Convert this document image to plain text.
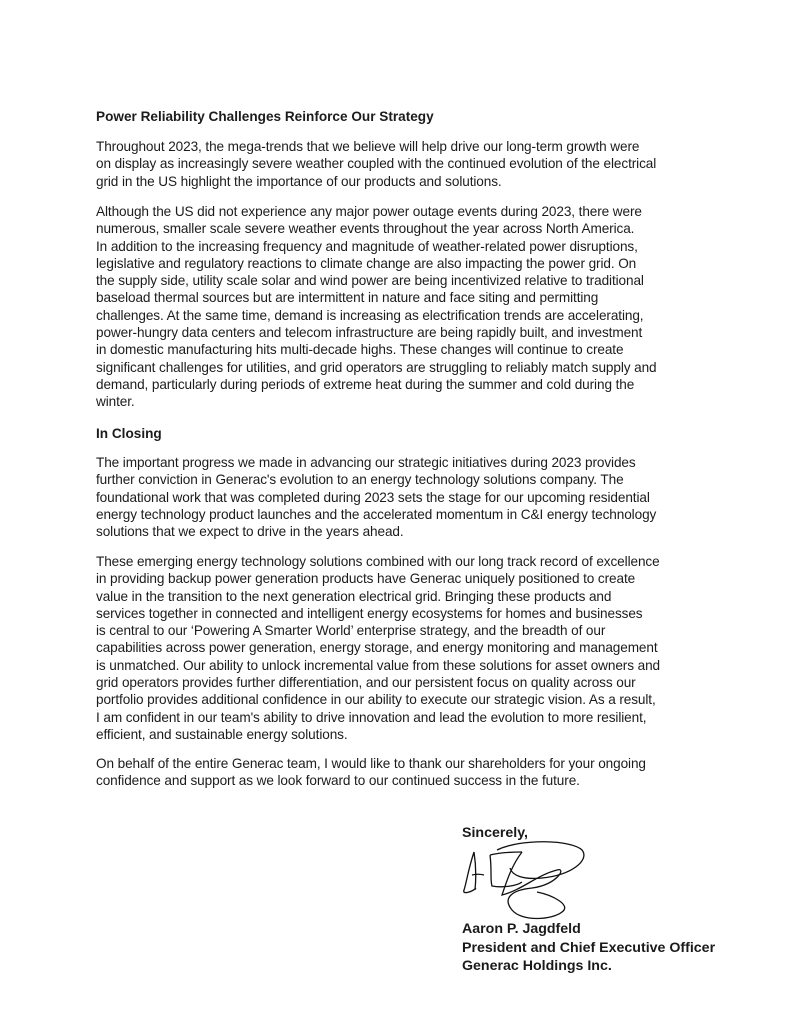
Power Reliability Challenges Reinforce Our Strategy
Throughout 2023, the mega-trends that we believe will help drive our long-term growth were
on display as increasingly severe weather coupled with the continued evolution of the electrical
grid in the US highlight the importance of our products and solutions.
Although the US did not experience any major power outage events during 2023, there were
numerous, smaller scale severe weather events throughout the year across North America.
In addition to the increasing frequency and magnitude of weather-related power disruptions,
legislative and regulatory reactions to climate change are also impacting the power grid. On
the supply side, utility scale solar and wind power are being incentivized relative to traditional
baseload thermal sources but are intermittent in nature and face siting and permitting
challenges. At the same time, demand is increasing as electrification trends are accelerating,
power-hungry data centers and telecom infrastructure are being rapidly built, and investment
in domestic manufacturing hits multi-decade highs. These changes will continue to create
significant challenges for utilities, and grid operators are struggling to reliably match supply and
demand, particularly during periods of extreme heat during the summer and cold during the
winter.
In Closing
The important progress we made in advancing our strategic initiatives during 2023 provides
further conviction in Generac's evolution to an energy technology solutions company. The
foundational work that was completed during 2023 sets the stage for our upcoming residential
energy technology product launches and the accelerated momentum in C&I energy technology
solutions that we expect to drive in the years ahead.
These emerging energy technology solutions combined with our long track record of excellence
in providing backup power generation products have Generac uniquely positioned to create
value in the transition to the next generation electrical grid. Bringing these products and
services together in connected and intelligent energy ecosystems for homes and businesses
is central to our ‘Powering A Smarter World’ enterprise strategy, and the breadth of our
capabilities across power generation, energy storage, and energy monitoring and management
is unmatched. Our ability to unlock incremental value from these solutions for asset owners and
grid operators provides further differentiation, and our persistent focus on quality across our
portfolio provides additional confidence in our ability to execute our strategic vision. As a result,
I am confident in our team's ability to drive innovation and lead the evolution to more resilient,
efficient, and sustainable energy solutions.
On behalf of the entire Generac team, I would like to thank our shareholders for your ongoing
confidence and support as we look forward to our continued success in the future.
Sincerely,
Aaron P. Jagdfeld
President and Chief Executive Officer
Generac Holdings Inc.
